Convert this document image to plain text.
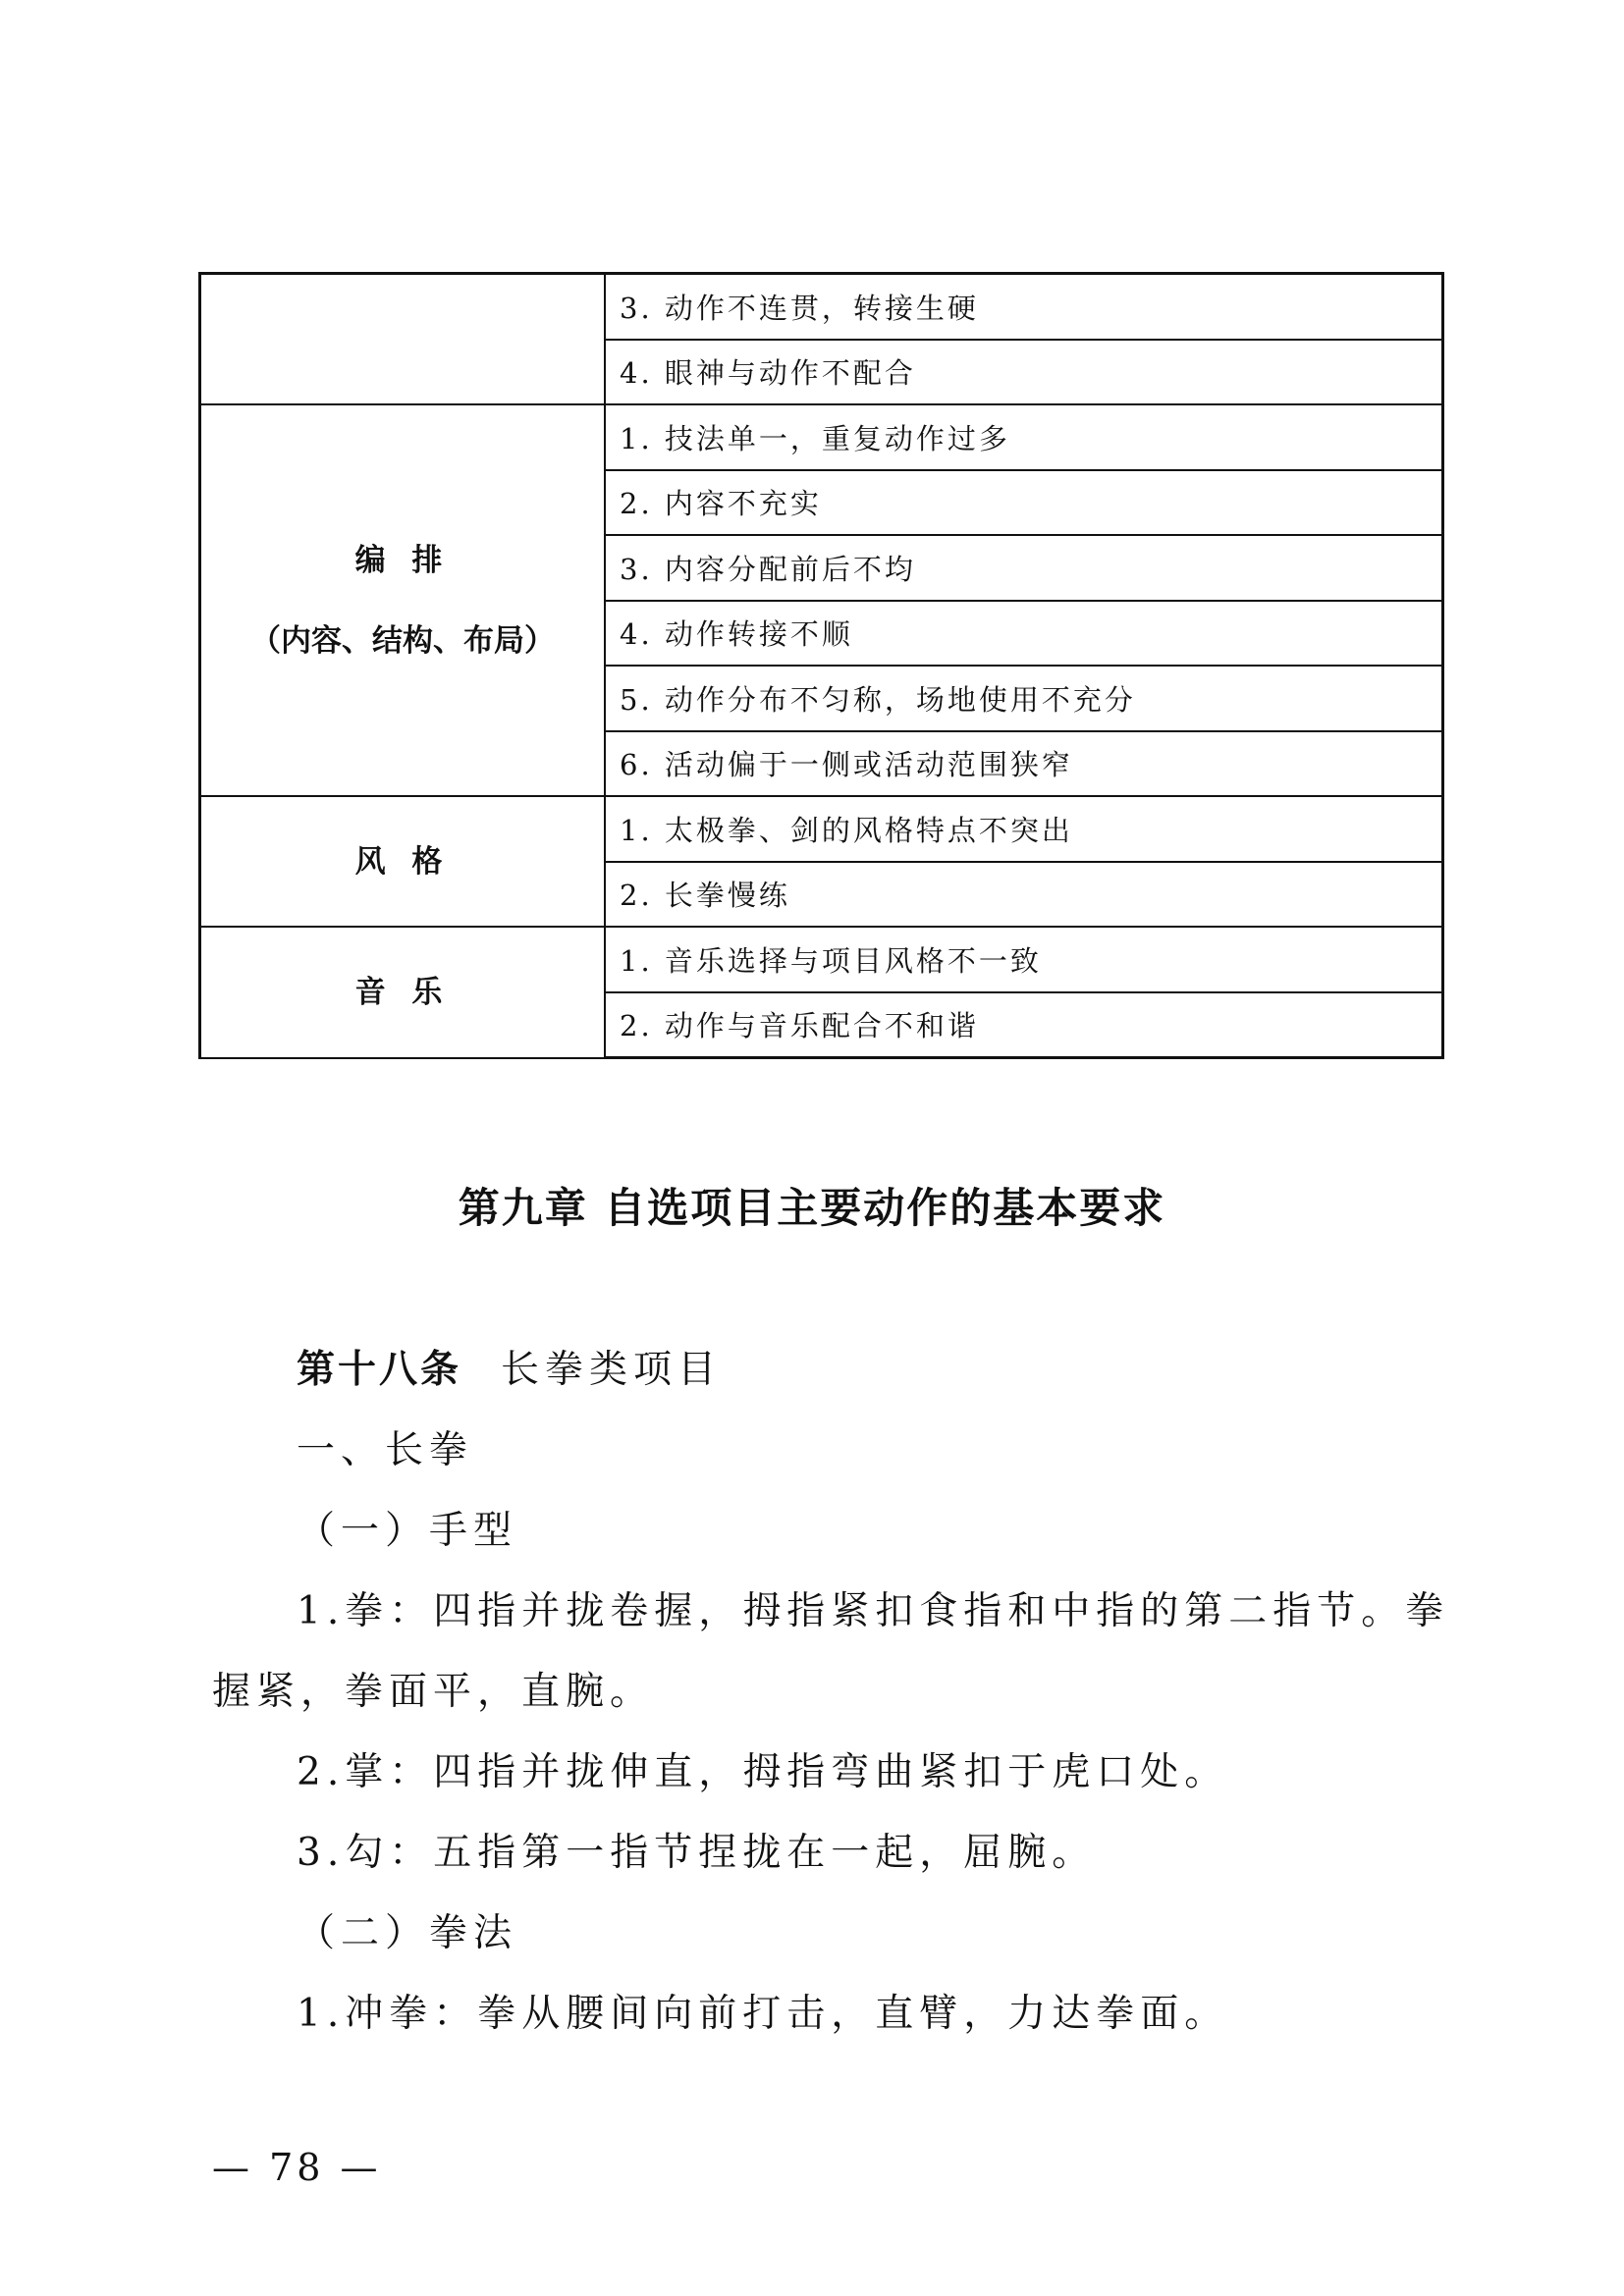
	3. 动作不连贯，转接生硬
	4. 眼神与动作不配合

编 排
（内容、结构、布局）	1. 技法单一，重复动作过多
	2. 内容不充实
	3. 内容分配前后不均
	4. 动作转接不顺
	5. 动作分布不匀称，场地使用不充分
	6. 活动偏于一侧或活动范围狭窄

风 格	1. 太极拳、剑的风格特点不突出
	2. 长拳慢练

音 乐	1. 音乐选择与项目风格不一致
	2. 动作与音乐配合不和谐
第九章 自选项目主要动作的基本要求

第十八条 长拳类项目

一、长拳

（一）手型

1.拳：四指并拢卷握，拇指紧扣食指和中指的第二指节。拳

握紧，拳面平，直腕。

2.掌：四指并拢伸直，拇指弯曲紧扣于虎口处。

3.勾：五指第一指节捏拢在一起，屈腕。

（二）拳法

1.冲拳：拳从腰间向前打击，直臂，力达拳面。

— 78 —
